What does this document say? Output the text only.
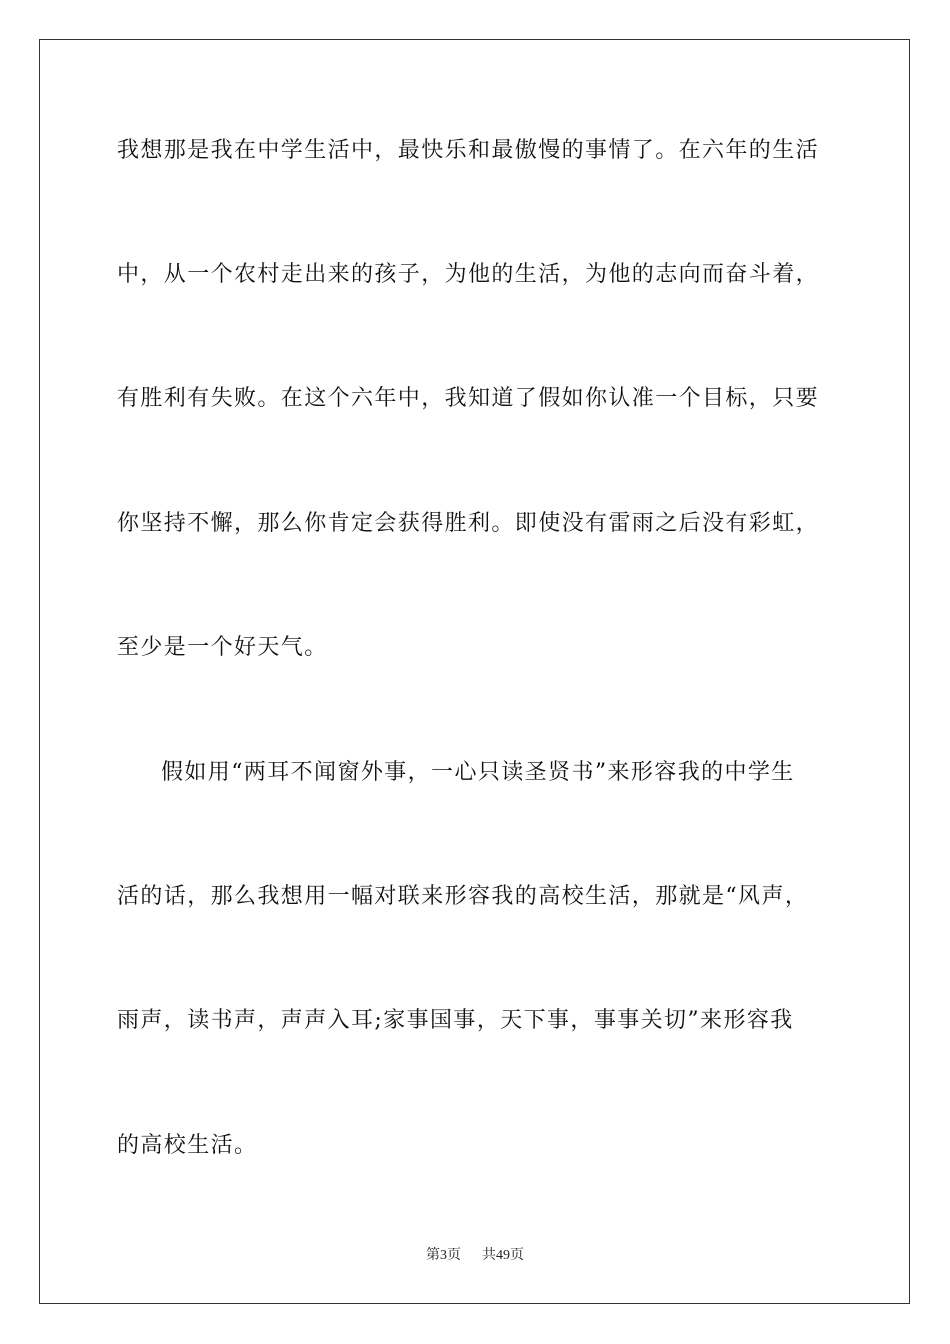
我想那是我在中学生活中，最快乐和最傲慢的事情了。在六年的生活
中，从一个农村走出来的孩子，为他的生活，为他的志向而奋斗着，
有胜利有失败。在这个六年中，我知道了假如你认准一个目标，只要
你坚持不懈，那么你肯定会获得胜利。即使没有雷雨之后没有彩虹，
至少是一个好天气。
假如用“两耳不闻窗外事，一心只读圣贤书”来形容我的中学生
活的话，那么我想用一幅对联来形容我的高校生活，那就是“风声，
雨声，读书声，声声入耳;家事国事，天下事，事事关切”来形容我
的高校生活。
第3页 共49页
